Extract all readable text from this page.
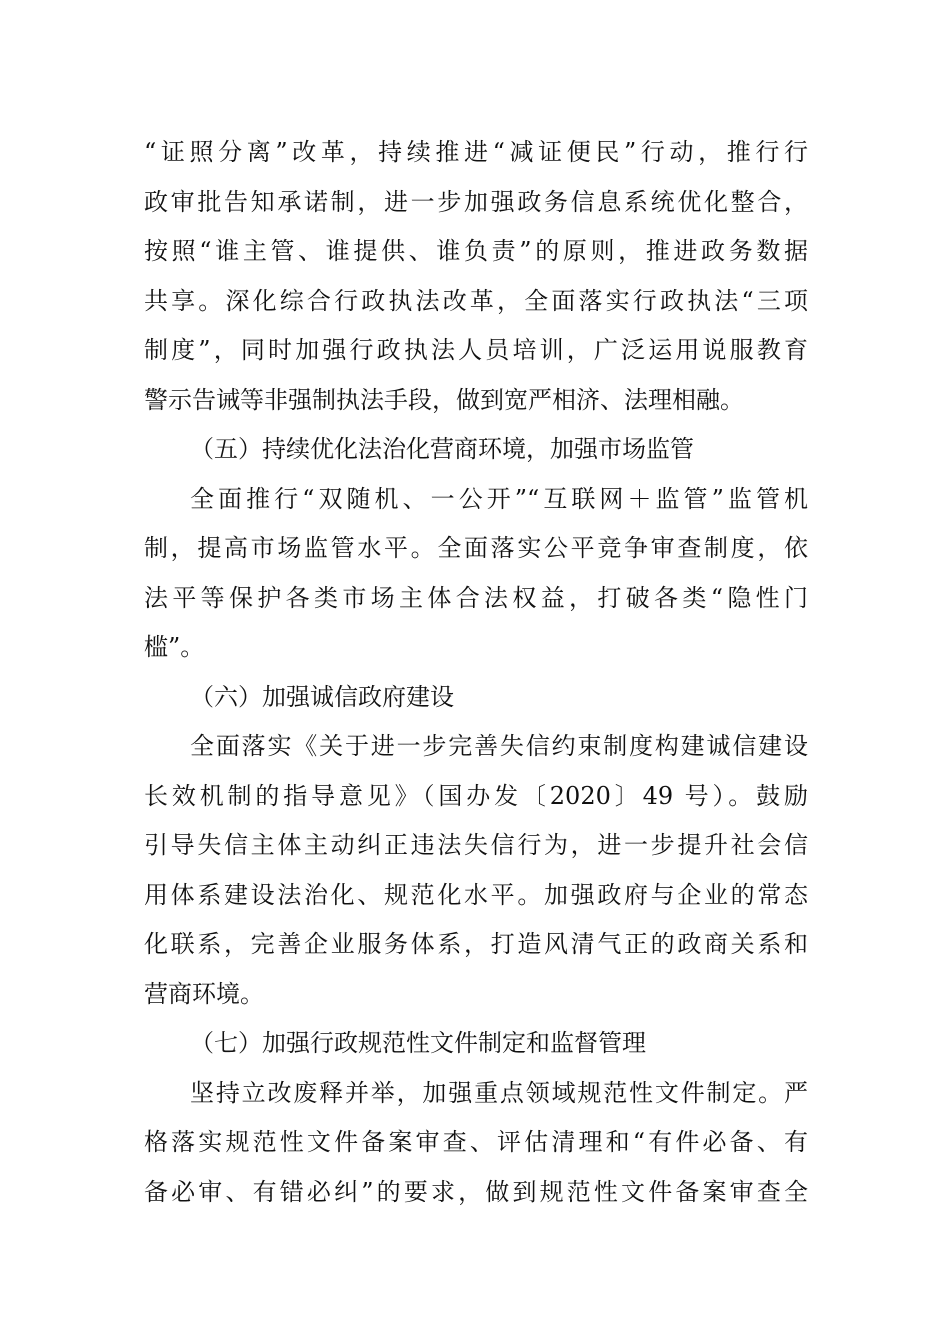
“证照分离”改革，持续推进“减证便民”行动，推行行
政审批告知承诺制，进一步加强政务信息系统优化整合，
按照“谁主管、谁提供、谁负责”的原则，推进政务数据
共享。深化综合行政执法改革，全面落实行政执法“三项
制度”，同时加强行政执法人员培训，广泛运用说服教育
警示告诫等非强制执法手段，做到宽严相济、法理相融。
（五）持续优化法治化营商环境，加强市场监管
全面推行“双随机、一公开”“互联网＋监管”监管机
制，提高市场监管水平。全面落实公平竞争审查制度，依
法平等保护各类市场主体合法权益，打破各类“隐性门
槛”。
（六）加强诚信政府建设
全面落实《关于进一步完善失信约束制度构建诚信建设
长效机制的指导意见》（国办发〔2020〕49 号）。鼓励
引导失信主体主动纠正违法失信行为，进一步提升社会信
用体系建设法治化、规范化水平。加强政府与企业的常态
化联系，完善企业服务体系，打造风清气正的政商关系和
营商环境。
（七）加强行政规范性文件制定和监督管理
坚持立改废释并举，加强重点领域规范性文件制定。严
格落实规范性文件备案审查、评估清理和“有件必备、有
备必审、有错必纠”的要求，做到规范性文件备案审查全
